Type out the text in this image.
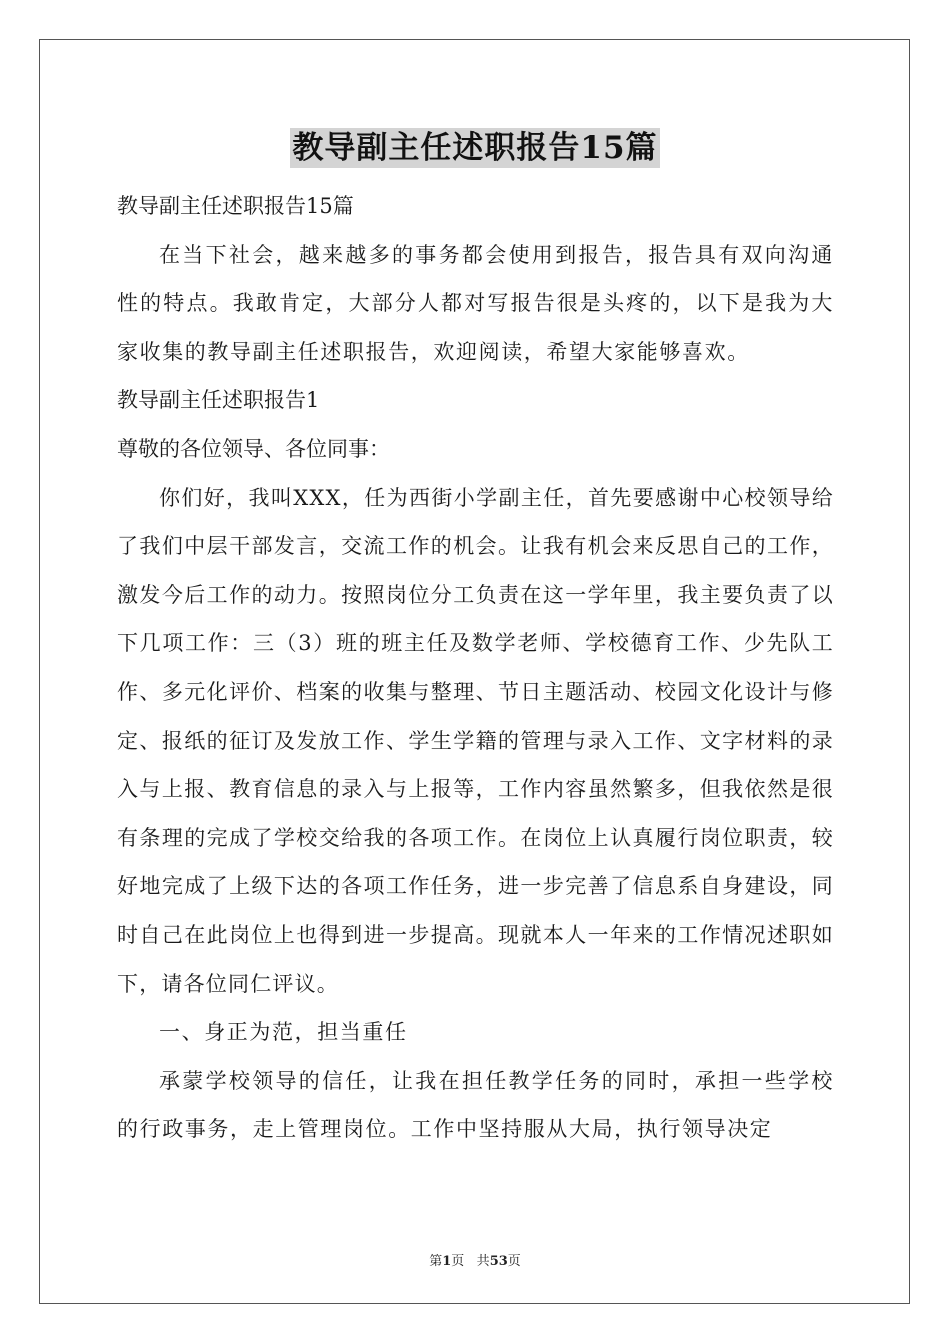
教导副主任述职报告15篇
教导副主任述职报告15篇
在当下社会，越来越多的事务都会使用到报告，报告具有双向沟通性的特点。我敢肯定，大部分人都对写报告很是头疼的，以下是我为大家收集的教导副主任述职报告，欢迎阅读，希望大家能够喜欢。
教导副主任述职报告1
尊敬的各位领导、各位同事：
你们好，我叫XXX，任为西街小学副主任，首先要感谢中心校领导给了我们中层干部发言，交流工作的机会。让我有机会来反思自己的工作，激发今后工作的动力。按照岗位分工负责在这一学年里，我主要负责了以下几项工作：三（3）班的班主任及数学老师、学校德育工作、少先队工作、多元化评价、档案的收集与整理、节日主题活动、校园文化设计与修定、报纸的征订及发放工作、学生学籍的管理与录入工作、文字材料的录入与上报、教育信息的录入与上报等，工作内容虽然繁多，但我依然是很有条理的完成了学校交给我的各项工作。在岗位上认真履行岗位职责，较好地完成了上级下达的各项工作任务，进一步完善了信息系自身建设，同时自己在此岗位上也得到进一步提高。现就本人一年来的工作情况述职如下，请各位同仁评议。
一、身正为范，担当重任
承蒙学校领导的信任，让我在担任教学任务的同时，承担一些学校的行政事务，走上管理岗位。工作中坚持服从大局，执行领导决定
第1页 共53页
